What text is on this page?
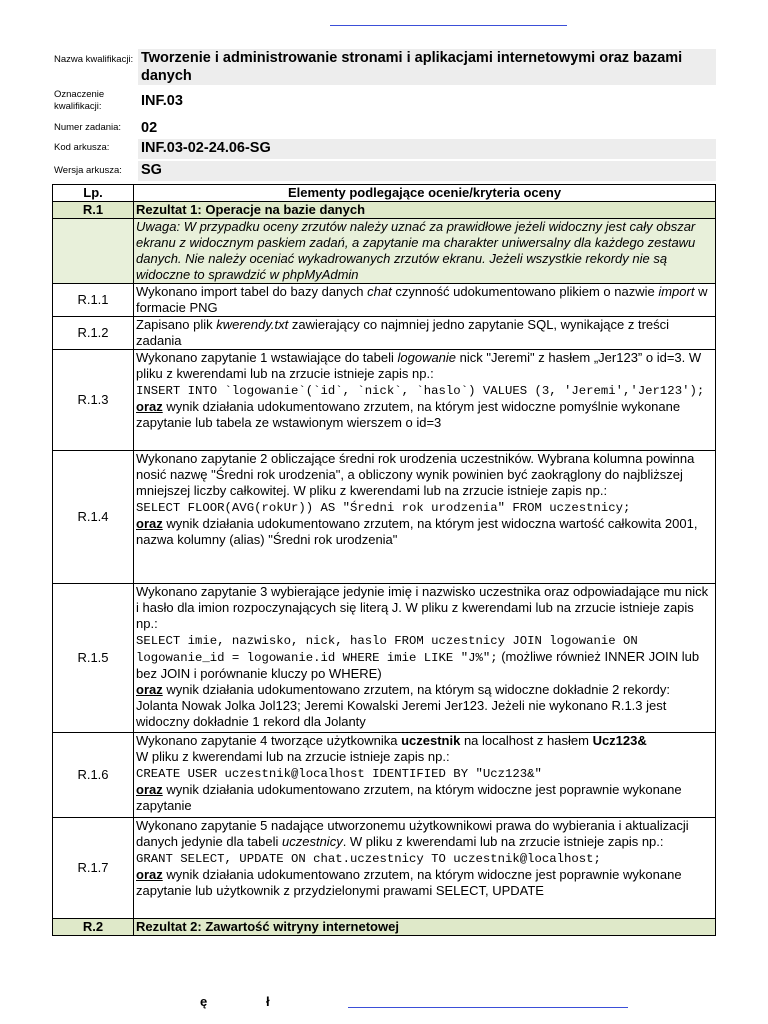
Nazwa kwalifikacji: Tworzenie i administrowanie stronami i aplikacjami internetowymi oraz bazami danych
Oznaczenie kwalifikacji:	INF.03
Numer zadania: 02
Kod arkusza: INF.03-02-24.06-SG
Wersja arkusza: SG
Lp.	Elementy podlegające ocenie/kryteria oceny
R.1	Rezultat 1: Operacje na bazie danych
	Uwaga: W przypadku oceny zrzutów należy uznać za prawidłowe jeżeli widoczny jest cały obszar ekranu z widocznym paskiem zadań, a zapytanie ma charakter uniwersalny dla każdego zestawu danych. Nie należy oceniać wykadrowanych zrzutów ekranu. Jeżeli wszystkie rekordy nie są widoczne to sprawdzić w phpMyAdmin
R.1.1	Wykonano import tabel do bazy danych chat czynność udokumentowano plikiem o nazwie import w formacie PNG
R.1.2	Zapisano plik kwerendy.txt zawierający co najmniej jedno zapytanie SQL, wynikające z treści zadania
R.1.3	Wykonano zapytanie 1 wstawiające do tabeli logowanie nick "Jeremi" z hasłem „Jer123” o id=3. W pliku z kwerendami lub na zrzucie istnieje zapis np.:
INSERT INTO `logowanie`(`id`, `nick`, `haslo`) VALUES (3, 'Jeremi','Jer123');
oraz wynik działania udokumentowano zrzutem, na którym jest widoczne pomyślnie wykonane zapytanie lub tabela ze wstawionym wierszem o id=3
R.1.4	Wykonano zapytanie 2 obliczające średni rok urodzenia uczestników. Wybrana kolumna powinna nosić nazwę "Średni rok urodzenia", a obliczony wynik powinien być zaokrąglony do najbliższej mniejszej liczby całkowitej. W pliku z kwerendami lub na zrzucie istnieje zapis np.:
SELECT FLOOR(AVG(rokUr)) AS "Średni rok urodzenia" FROM uczestnicy;
oraz wynik działania udokumentowano zrzutem, na którym jest widoczna wartość całkowita 2001, nazwa kolumny (alias) "Średni rok urodzenia"
R.1.5	Wykonano zapytanie 3 wybierające jedynie imię i nazwisko uczestnika oraz odpowiadające mu nick i hasło dla imion rozpoczynających się literą J. W pliku z kwerendami lub na zrzucie istnieje zapis np.:
SELECT imie, nazwisko, nick, haslo FROM uczestnicy JOIN logowanie ON logowanie_id = logowanie.id WHERE imie LIKE "J%"; (możliwe również INNER JOIN lub bez JOIN i porównanie kluczy po WHERE)
oraz wynik działania udokumentowano zrzutem, na którym są widoczne dokładnie 2 rekordy: Jolanta Nowak Jolka Jol123; Jeremi Kowalski Jeremi Jer123. Jeżeli nie wykonano R.1.3 jest widoczny dokładnie 1 rekord dla Jolanty
R.1.6	Wykonano zapytanie 4 tworzące użytkownika uczestnik na localhost z hasłem Ucz123&
W pliku z kwerendami lub na zrzucie istnieje zapis np.:
CREATE USER uczestnik@localhost IDENTIFIED BY "Ucz123&"
oraz wynik działania udokumentowano zrzutem, na którym widoczne jest poprawnie wykonane zapytanie
R.1.7	Wykonano zapytanie 5 nadające utworzonemu użytkownikowi prawa do wybierania i aktualizacji danych jedynie dla tabeli uczestnicy. W pliku z kwerendami lub na zrzucie istnieje zapis np.:
GRANT SELECT, UPDATE ON chat.uczestnicy TO uczestnik@localhost;
oraz wynik działania udokumentowano zrzutem, na którym widoczne jest poprawnie wykonane zapytanie lub użytkownik z przydzielonymi prawami SELECT, UPDATE
R.2	Rezultat 2: Zawartość witryny internetowej
ę	ł
